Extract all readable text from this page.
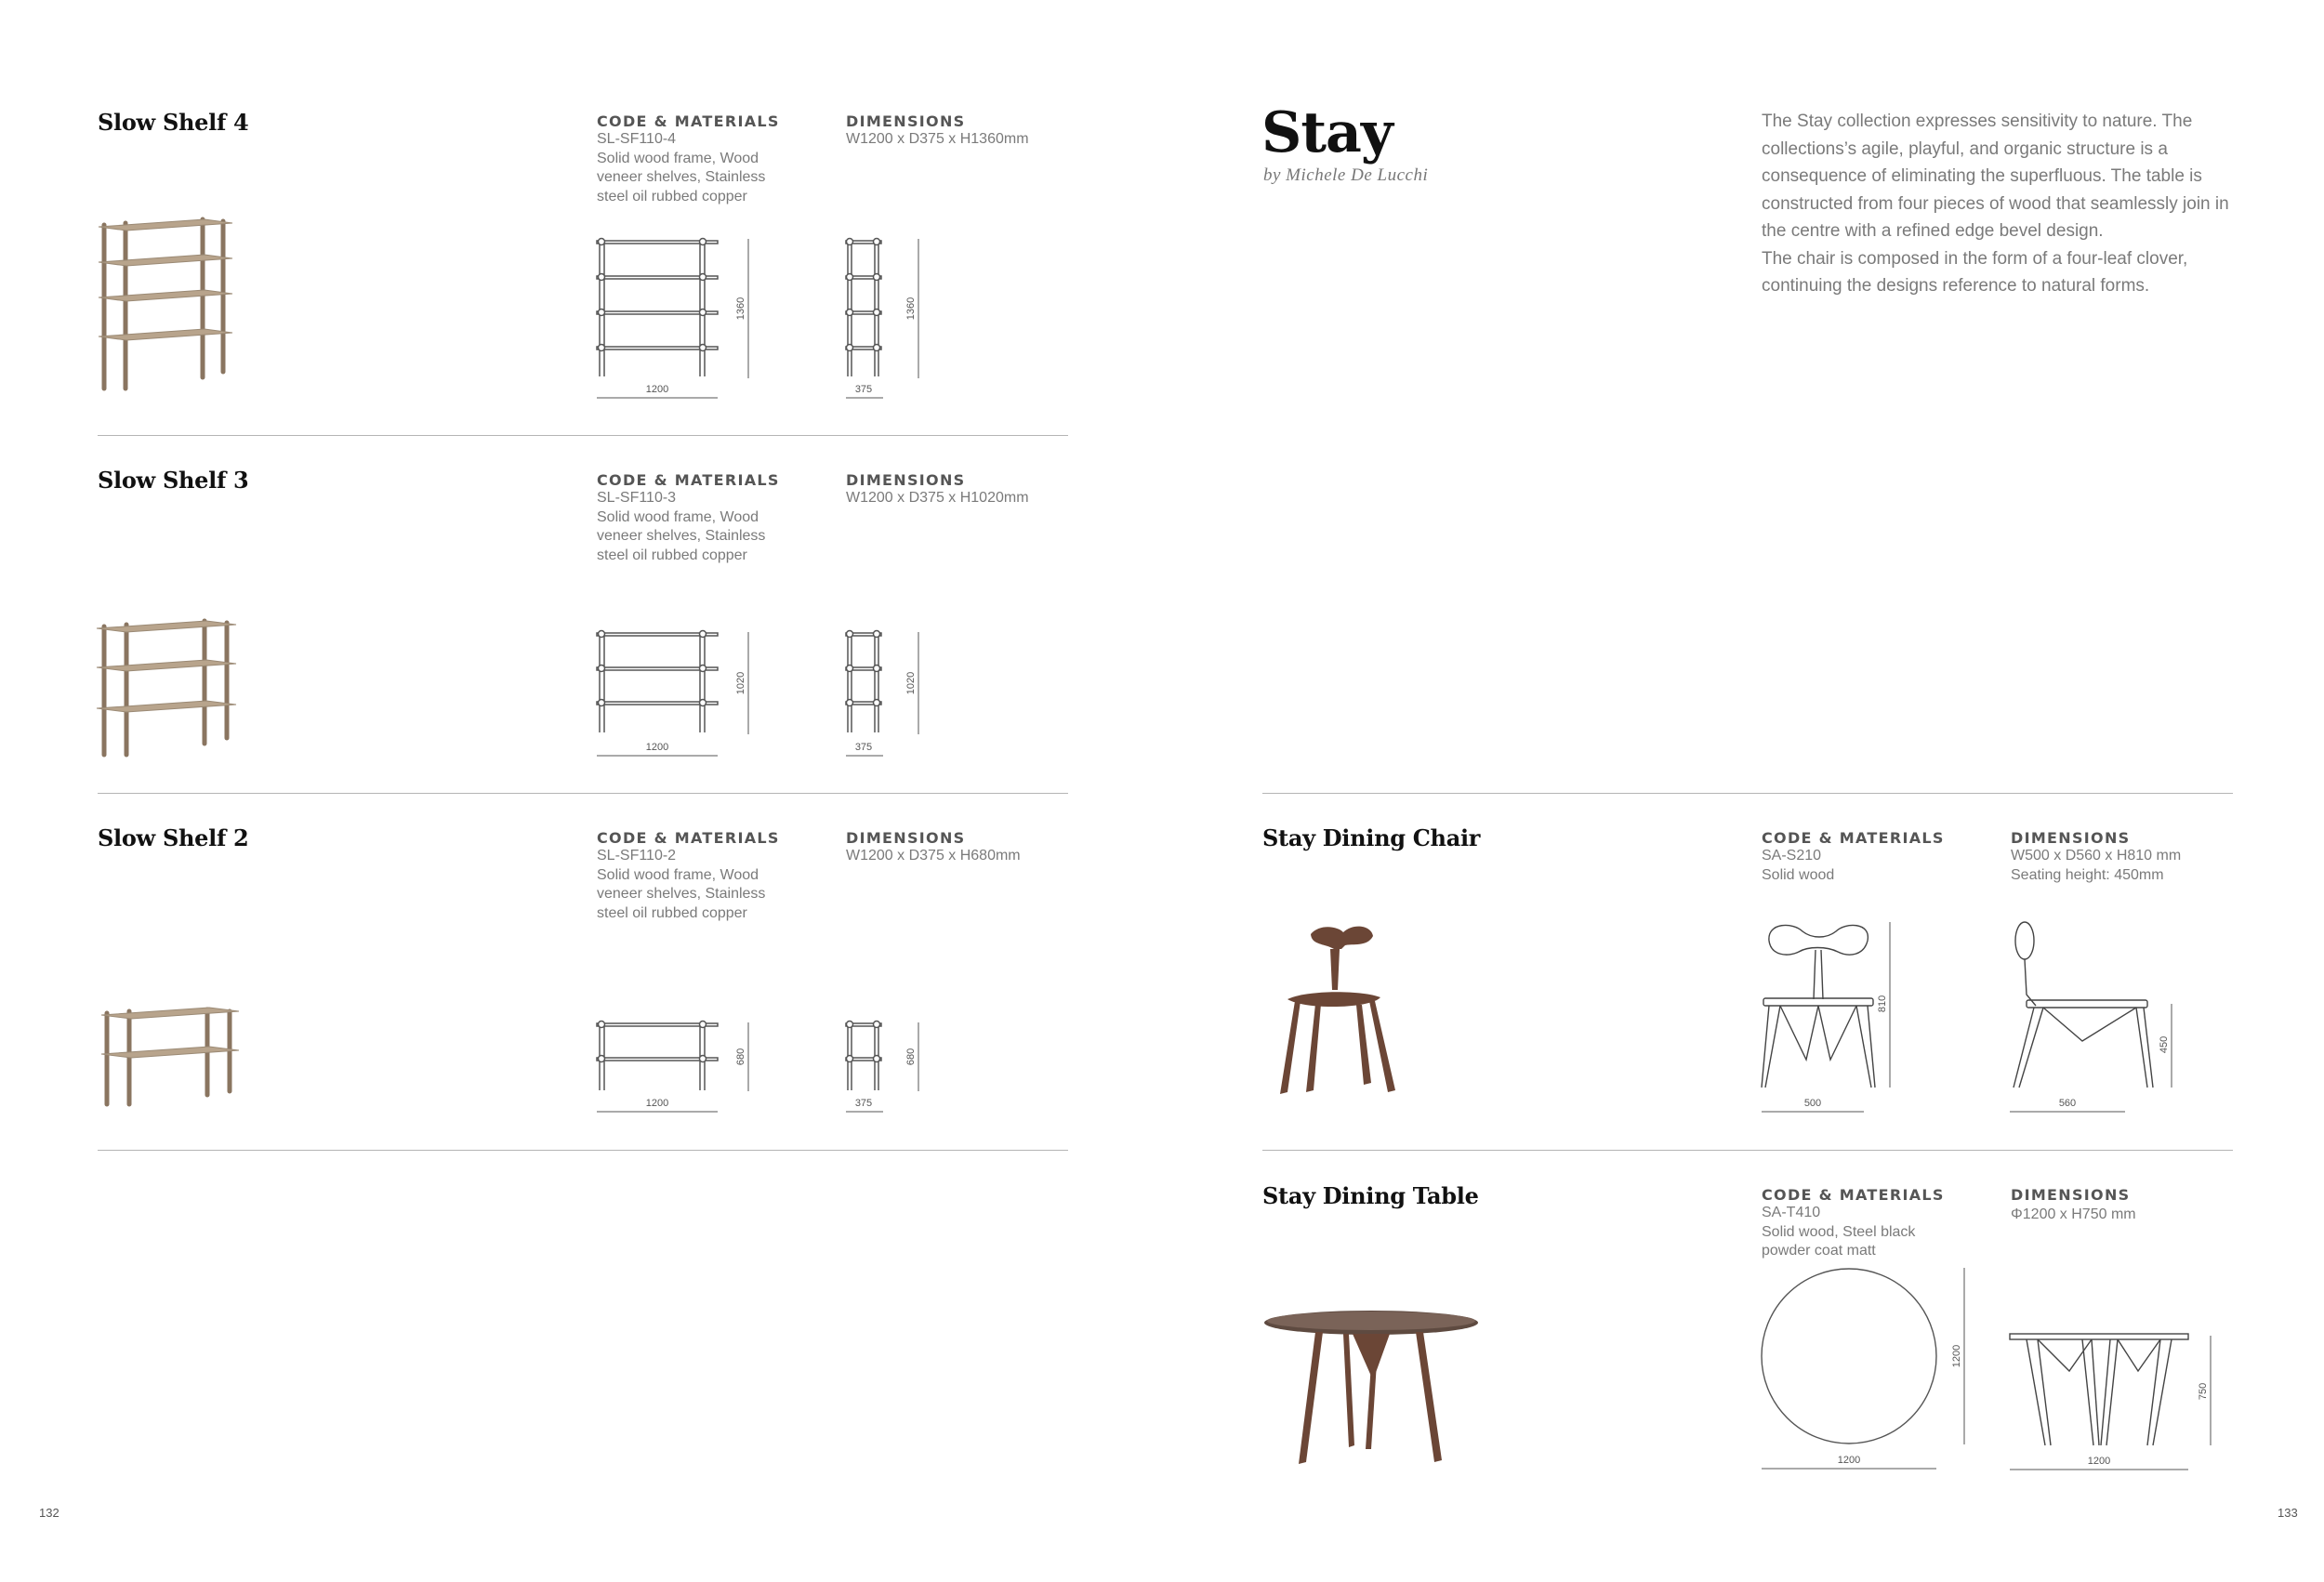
Slow Shelf 4	CODE & MATERIALS
SL-SF110-4
Solid wood frame, Wood veneer shelves, Stainless steel oil rubbed copper
DIMENSIONS
W1200 x D375 x H1360mm
1200
1360
375
1360
Slow Shelf 3	CODE & MATERIALS
SL-SF110-3
Solid wood frame, Wood veneer shelves, Stainless steel oil rubbed copper
DIMENSIONS
W1200 x D375 x H1020mm
1200
1020
375
1020
Slow Shelf 2	CODE & MATERIALS
SL-SF110-2
Solid wood frame, Wood veneer shelves, Stainless steel oil rubbed copper
DIMENSIONS
W1200 x D375 x H680mm
1200
680
375
680
132
Stay
by Michele De Lucchi

The Stay collection expresses sensitivity to nature. The collections’s agile, playful, and organic structure is a consequence of eliminating the superfluous. The table is constructed from four pieces of wood that seamlessly join in the centre with a refined edge bevel design.

The chair is composed in the form of a four-leaf clover, continuing the designs reference to natural forms.

Stay Dining Chair	CODE & MATERIALS
SA-S210
Solid wood
DIMENSIONS
W500 x D560 x H810 mm
Seating height: 450mm
500
810
560
450
Stay Dining Table	CODE & MATERIALS
SA-T410
Solid wood, Steel black powder coat matt
DIMENSIONS
Φ1200 x H750 mm
1200
1200
1200
750
133
